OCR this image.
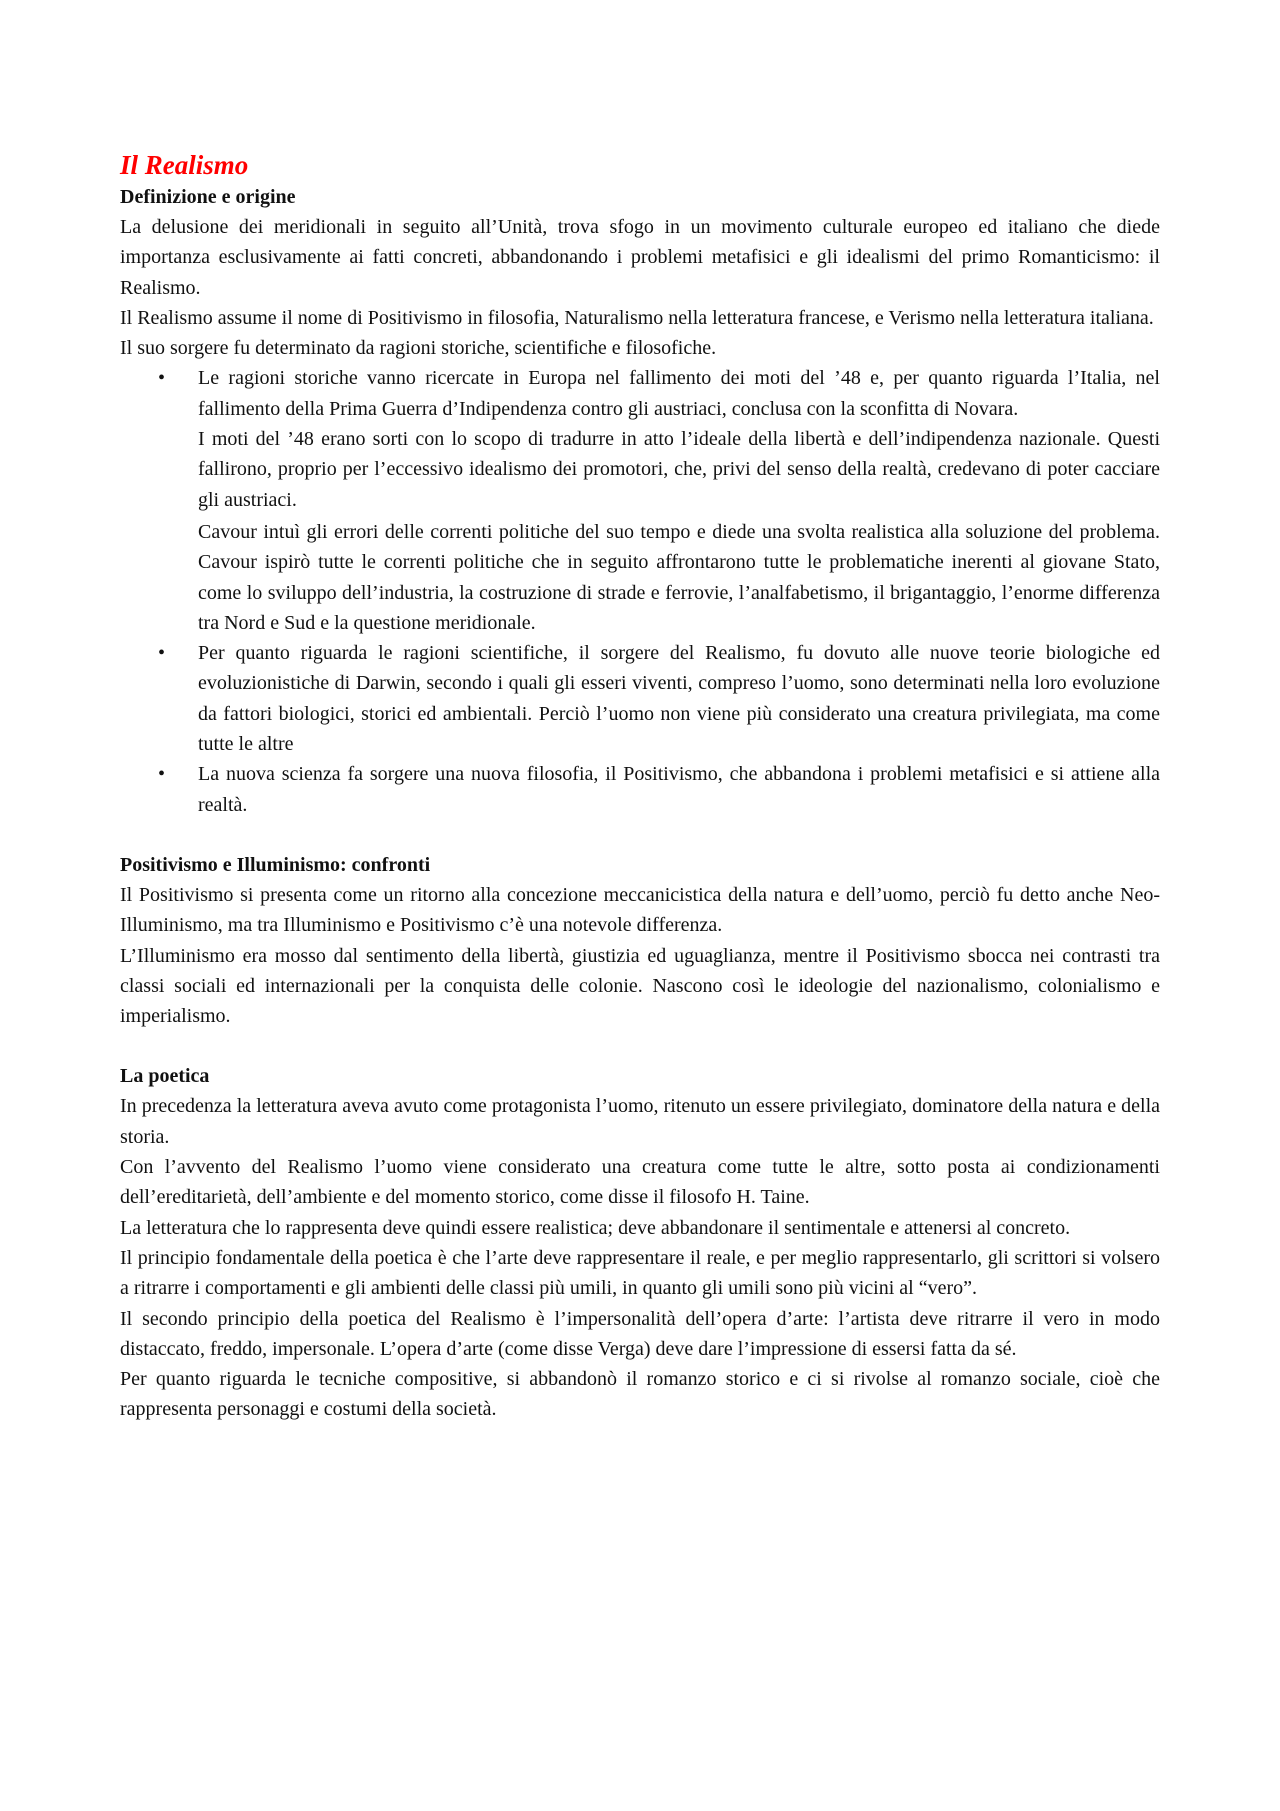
Il Realismo
Definizione e origine

La delusione dei meridionali in seguito all’Unità, trova sfogo in un movimento culturale europeo ed italiano che diede importanza esclusivamente ai fatti concreti, abbandonando i problemi metafisici e gli idealismi del primo Romanticismo: il Realismo.

Il Realismo assume il nome di Positivismo in filosofia, Naturalismo nella letteratura francese, e Verismo nella letteratura italiana.

Il suo sorgere fu determinato da ragioni storiche, scientifiche e filosofiche.

• Le ragioni storiche vanno ricercate in Europa nel fallimento dei moti del ’48 e, per quanto riguarda l’Italia, nel fallimento della Prima Guerra d’Indipendenza contro gli austriaci, conclusa con la sconfitta di Novara.

I moti del ’48 erano sorti con lo scopo di tradurre in atto l’ideale della libertà e dell’indipendenza nazionale. Questi fallirono, proprio per l’eccessivo idealismo dei promotori, che, privi del senso della realtà, credevano di poter cacciare gli austriaci.

Cavour intuì gli errori delle correnti politiche del suo tempo e diede una svolta realistica alla soluzione del problema. Cavour ispirò tutte le correnti politiche che in seguito affrontarono tutte le problematiche inerenti al giovane Stato, come lo sviluppo dell’industria, la costruzione di strade e ferrovie, l’analfabetismo, il brigantaggio, l’enorme differenza tra Nord e Sud e la questione meridionale.

• Per quanto riguarda le ragioni scientifiche, il sorgere del Realismo, fu dovuto alle nuove teorie biologiche ed evoluzionistiche di Darwin, secondo i quali gli esseri viventi, compreso l’uomo, sono determinati nella loro evoluzione da fattori biologici, storici ed ambientali. Perciò l’uomo non viene più considerato una creatura privilegiata, ma come tutte le altre

• La nuova scienza fa sorgere una nuova filosofia, il Positivismo, che abbandona i problemi metafisici e si attiene alla realtà.

Positivismo e Illuminismo: confronti

Il Positivismo si presenta come un ritorno alla concezione meccanicistica della natura e dell’uomo, perciò fu detto anche Neo-Illuminismo, ma tra Illuminismo e Positivismo c’è una notevole differenza.

L’Illuminismo era mosso dal sentimento della libertà, giustizia ed uguaglianza, mentre il Positivismo sbocca nei contrasti tra classi sociali ed internazionali per la conquista delle colonie. Nascono così le ideologie del nazionalismo, colonialismo e imperialismo.

La poetica

In precedenza la letteratura aveva avuto come protagonista l’uomo, ritenuto un essere privilegiato, dominatore della natura e della storia.

Con l’avvento del Realismo l’uomo viene considerato una creatura come tutte le altre, sotto posta ai condizionamenti dell’ereditarietà, dell’ambiente e del momento storico, come disse il filosofo H. Taine.

La letteratura che lo rappresenta deve quindi essere realistica; deve abbandonare il sentimentale e attenersi al concreto.

Il principio fondamentale della poetica è che l’arte deve rappresentare il reale, e per meglio rappresentarlo, gli scrittori si volsero a ritrarre i comportamenti e gli ambienti delle classi più umili, in quanto gli umili sono più vicini al “vero”.

Il secondo principio della poetica del Realismo è l’impersonalità dell’opera d’arte: l’artista deve ritrarre il vero in modo distaccato, freddo, impersonale. L’opera d’arte (come disse Verga) deve dare l’impressione di essersi fatta da sé.

Per quanto riguarda le tecniche compositive, si abbandonò il romanzo storico e ci si rivolse al romanzo sociale, cioè che rappresenta personaggi e costumi della società.
